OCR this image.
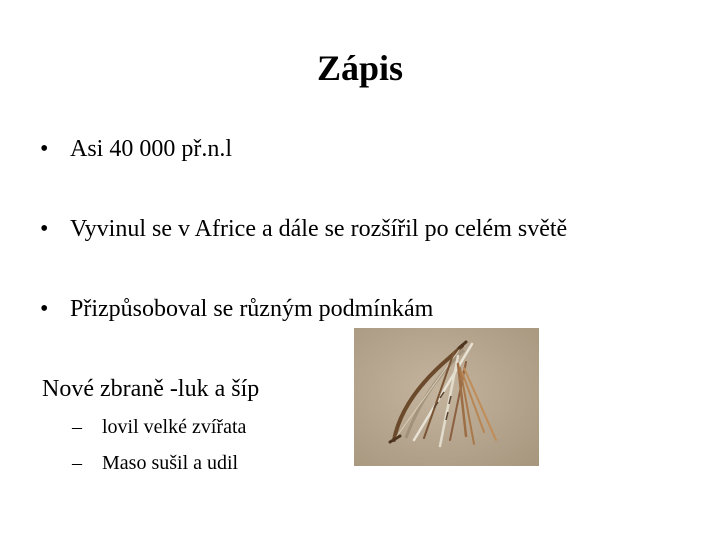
Zápis
• Asi 40 000 př.n.l
• Vyvinul se v Africe a dále se rozšířil po celém světě
• Přizpůsoboval se různým podmínkám
Nové zbraně -luk a šíp
– lovil velké zvířata
– Maso sušil a udil
